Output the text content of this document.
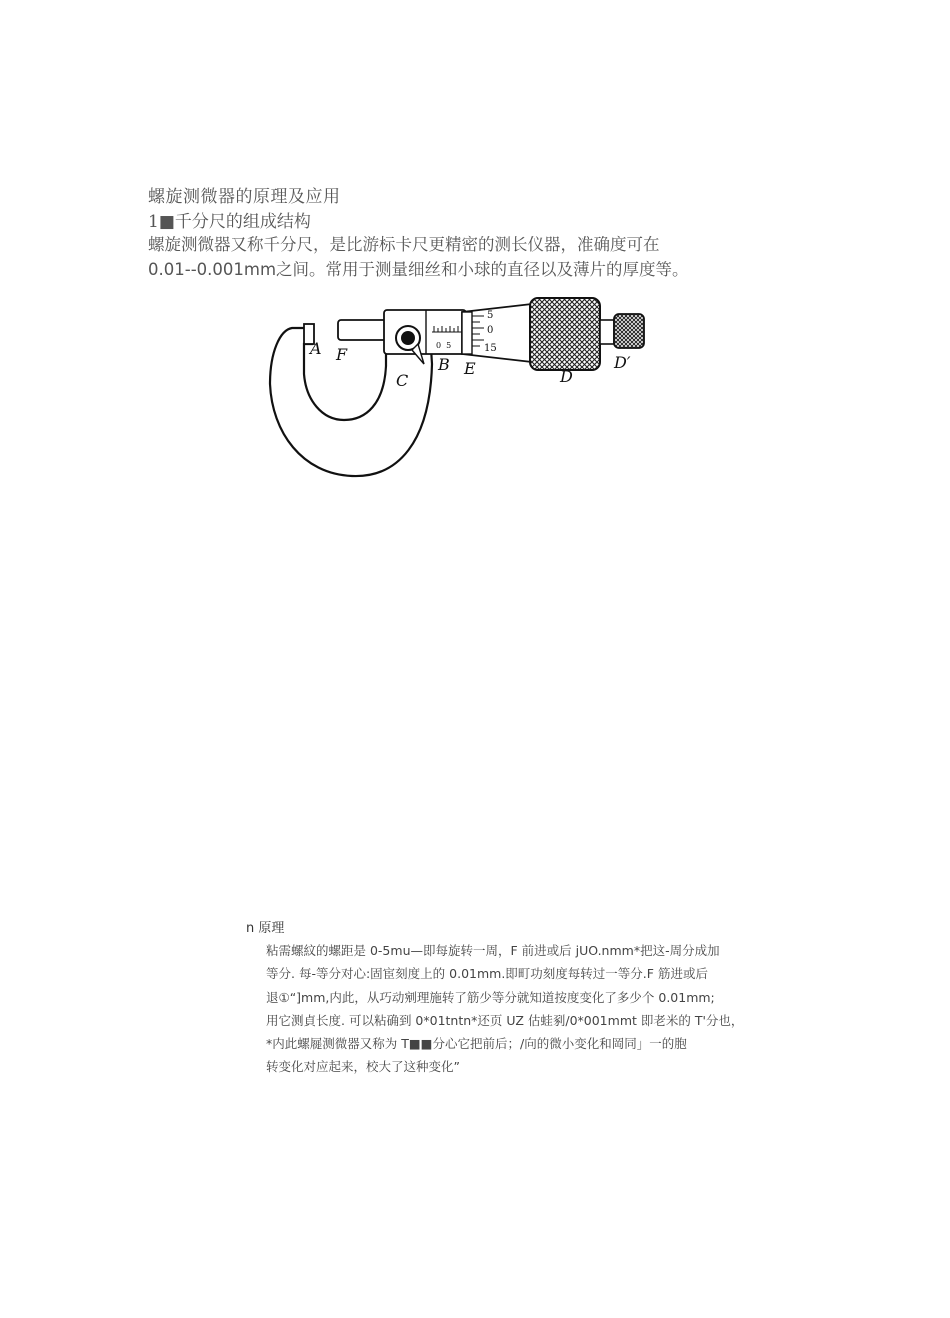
螺旋测微器的原理及应用
1■千分尺的组成结构
螺旋测微器又称千分尺，是比游标卡尺更精密的测长仪器，准确度可在
0.01--0.001mm之间。常用于测量细丝和小球的直径以及薄片的厚度等。
0  5
5
0
15
A F
C
B E	D
D′
n 原理
粘需螺紋的螺距是 0-5mu—即每旋转一周，F 前进或后 jUO.nmm*把这-周分成加
等分. 每-等分对心:固宦刻度上的 0.01mm.即町功刻度每转过一等分.F 筋进或后
退①“]mm,内此，从巧动剜理施转了筋少等分就知道按度变化了多少个 0.01mm;
用它测貞长度. 可以粘确到 0*01tntn*还页 UZ 估蛙剢/0*001mmt 即老米的 T'分也，
*内此螺屣测微器又称为 T■■分心它把前后；/向的微小变化和岡同」一的胞
转变化对应起来，校大了这种变化”
